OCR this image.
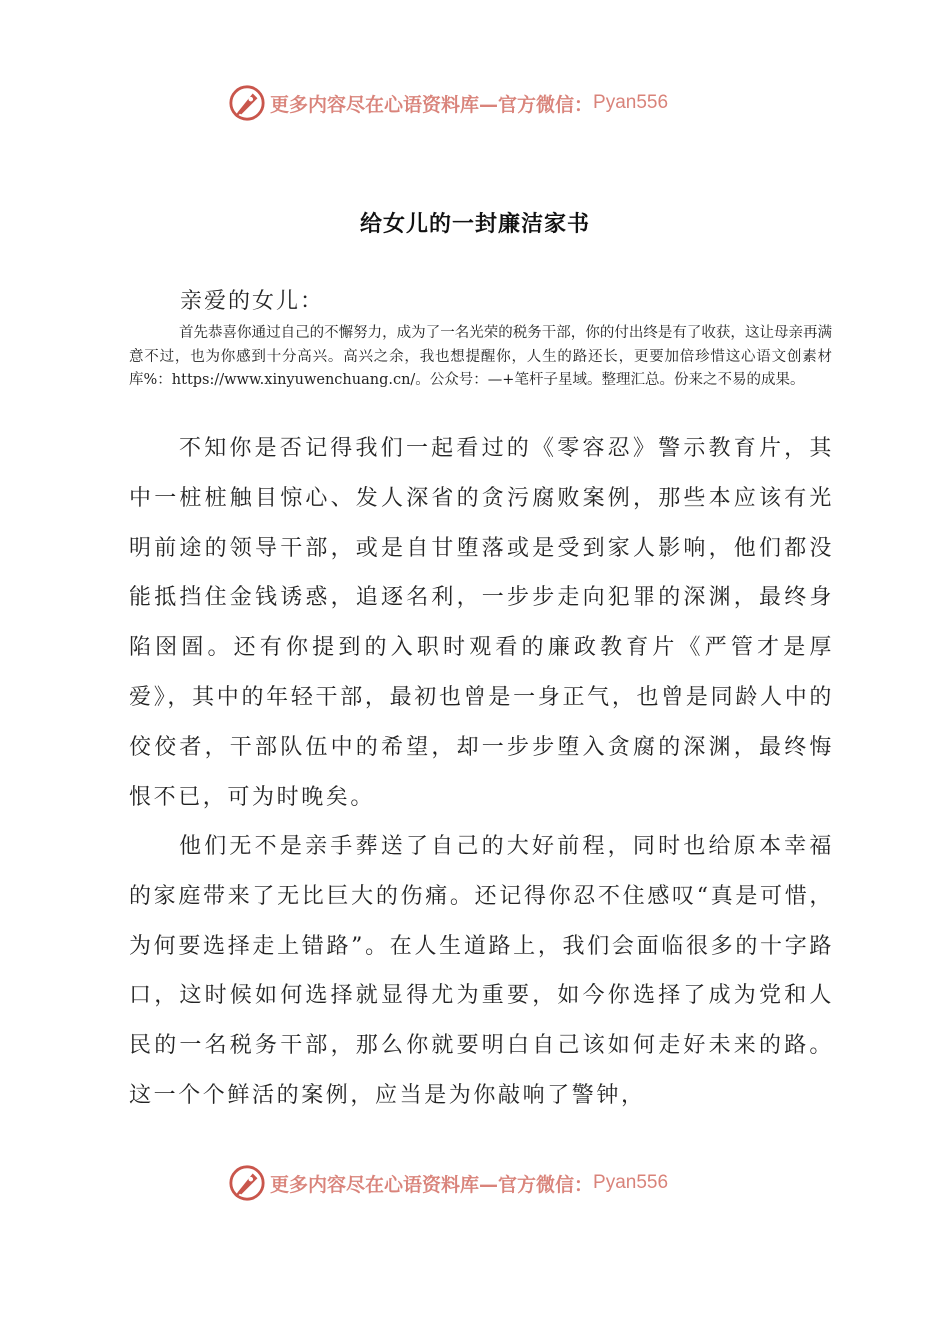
更多内容尽在心语资料库—官方微信： Pyan556
给女儿的一封廉洁家书
亲爱的女儿：
首先恭喜你通过自己的不懈努力，成为了一名光荣的税务干部，你的付出终是有了收获，这让母亲再满意不过，也为你感到十分高兴。高兴之余，我也想提醒你，人生的路还长，更要加倍珍惜这心语文创素材库%：https://www.xinyuwenchuang.cn/。公众号：—+笔杆子星域。整理汇总。份来之不易的成果。
不知你是否记得我们一起看过的《零容忍》警示教育片，其中一桩桩触目惊心、发人深省的贪污腐败案例，那些本应该有光明前途的领导干部，或是自甘堕落或是受到家人影响，他们都没能抵挡住金钱诱惑，追逐名利，一步步走向犯罪的深渊，最终身陷囹圄。还有你提到的入职时观看的廉政教育片《严管才是厚爱》，其中的年轻干部，最初也曾是一身正气，也曾是同龄人中的佼佼者，干部队伍中的希望，却一步步堕入贪腐的深渊，最终悔恨不已，可为时晚矣。
他们无不是亲手葬送了自己的大好前程，同时也给原本幸福的家庭带来了无比巨大的伤痛。还记得你忍不住感叹“真是可惜，为何要选择走上错路”。在人生道路上，我们会面临很多的十字路口，这时候如何选择就显得尤为重要，如今你选择了成为党和人民的一名税务干部，那么你就要明白自己该如何走好未来的路。这一个个鲜活的案例，应当是为你敲响了警钟，
更多内容尽在心语资料库—官方微信： Pyan556
